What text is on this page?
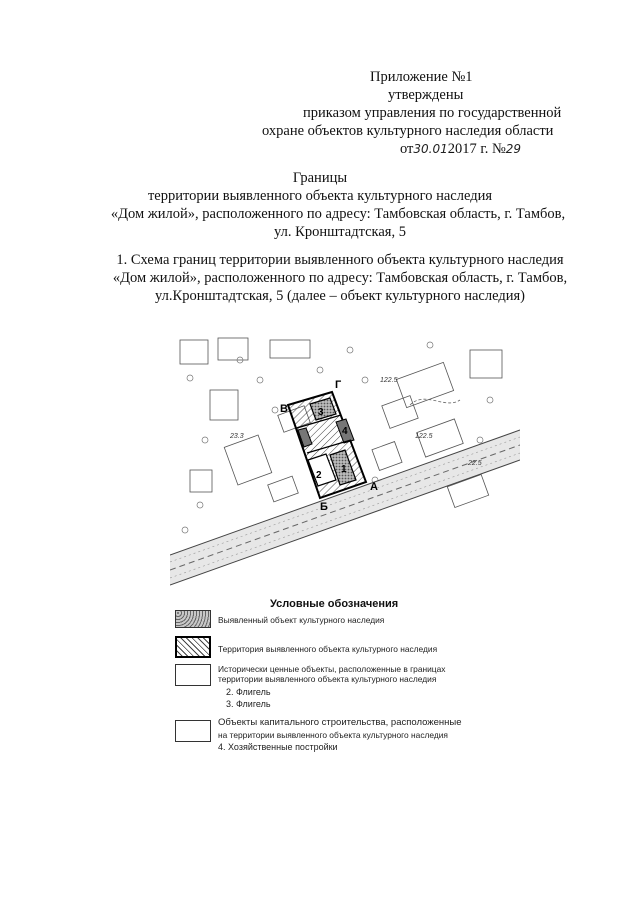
Приложение №1
утверждены
приказом управления по государственной
охране объектов культурного наследия области
от30.012017 г. №29
Границы
территории выявленного объекта культурного наследия
«Дом жилой», расположенного по адресу: Тамбовская область, г. Тамбов,
ул. Кронштадтская, 5
1. Схема границ территории выявленного объекта культурного наследия
«Дом жилой», расположенного по адресу: Тамбовская область, г. Тамбов,
ул.Кронштадтская, 5 (далее – объект культурного наследия)
Г
В
А
Б
1
2
3
4
122.5
23.3	122.5
22.5
Условные обозначения
Выявленный объект культурного наследия
Территория выявленного объекта культурного наследия
Исторически ценные объекты, расположенные в границах
территории выявленного объекта культурного наследия
2. Флигель
3. Флигель
Объекты капитального строительства, расположенные
на территории выявленного объекта культурного наследия
4. Хозяйственные постройки
